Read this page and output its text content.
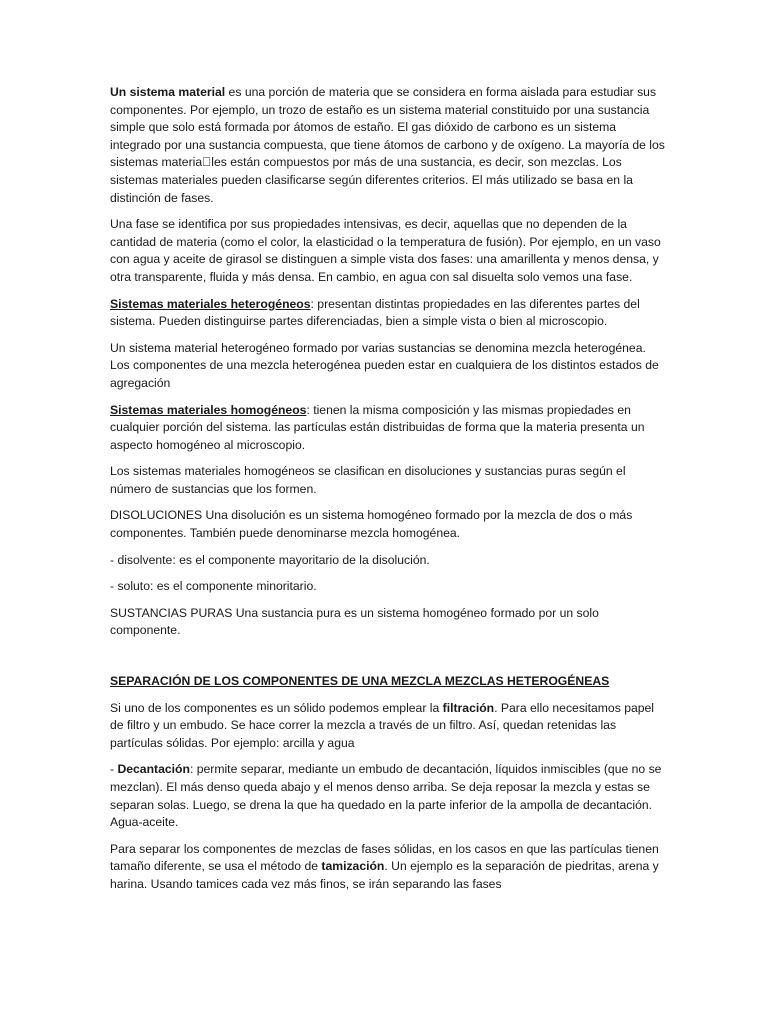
Un sistema material es una porción de materia que se considera en forma aislada para estudiar sus componentes. Por ejemplo, un trozo de estaño es un sistema material constituido por una sustancia simple que solo está formada por átomos de estaño. El gas dióxido de carbono es un sistema integrado por una sustancia compuesta, que tiene átomos de carbono y de oxígeno. La mayoría de los sistemas materia les están compuestos por más de una sustancia, es decir, son mezclas. Los sistemas materiales pueden clasificarse según diferentes criterios. El más utilizado se basa en la distinción de fases.

Una fase se identifica por sus propiedades intensivas, es decir, aquellas que no dependen de la cantidad de materia (como el color, la elasticidad o la temperatura de fusión). Por ejemplo, en un vaso con agua y aceite de girasol se distinguen a simple vista dos fases: una amarillenta y menos densa, y otra transparente, fluida y más densa. En cambio, en agua con sal disuelta solo vemos una fase.

Sistemas materiales heterogéneos: presentan distintas propiedades en las diferentes partes del sistema. Pueden distinguirse partes diferenciadas, bien a simple vista o bien al microscopio.

Un sistema material heterogéneo formado por varias sustancias se denomina mezcla heterogénea. Los componentes de una mezcla heterogénea pueden estar en cualquiera de los distintos estados de agregación

Sistemas materiales homogéneos: tienen la misma composición y las mismas propiedades en cualquier porción del sistema. las partículas están distribuidas de forma que la materia presenta un aspecto homogéneo al microscopio.

Los sistemas materiales homogéneos se clasifican en disoluciones y sustancias puras según el número de sustancias que los formen.

DISOLUCIONES Una disolución es un sistema homogéneo formado por la mezcla de dos o más componentes. También puede denominarse mezcla homogénea.

- disolvente: es el componente mayoritario de la disolución.

- soluto: es el componente minoritario.

SUSTANCIAS PURAS Una sustancia pura es un sistema homogéneo formado por un solo componente.

SEPARACIÓN DE LOS COMPONENTES DE UNA MEZCLA MEZCLAS HETEROGÉNEAS

Si uno de los componentes es un sólido podemos emplear la filtración. Para ello necesitamos papel de filtro y un embudo. Se hace correr la mezcla a través de un filtro. Así, quedan retenidas las partículas sólidas. Por ejemplo: arcilla y agua

- Decantación: permite separar, mediante un embudo de decantación, líquidos inmiscibles (que no se mezclan). El más denso queda abajo y el menos denso arriba. Se deja reposar la mezcla y estas se separan solas. Luego, se drena la que ha quedado en la parte inferior de la ampolla de decantación. Agua-aceite.

Para separar los componentes de mezclas de fases sólidas, en los casos en que las partículas tienen tamaño diferente, se usa el método de tamización. Un ejemplo es la separación de piedritas, arena y harina. Usando tamices cada vez más finos, se irán separando las fases
